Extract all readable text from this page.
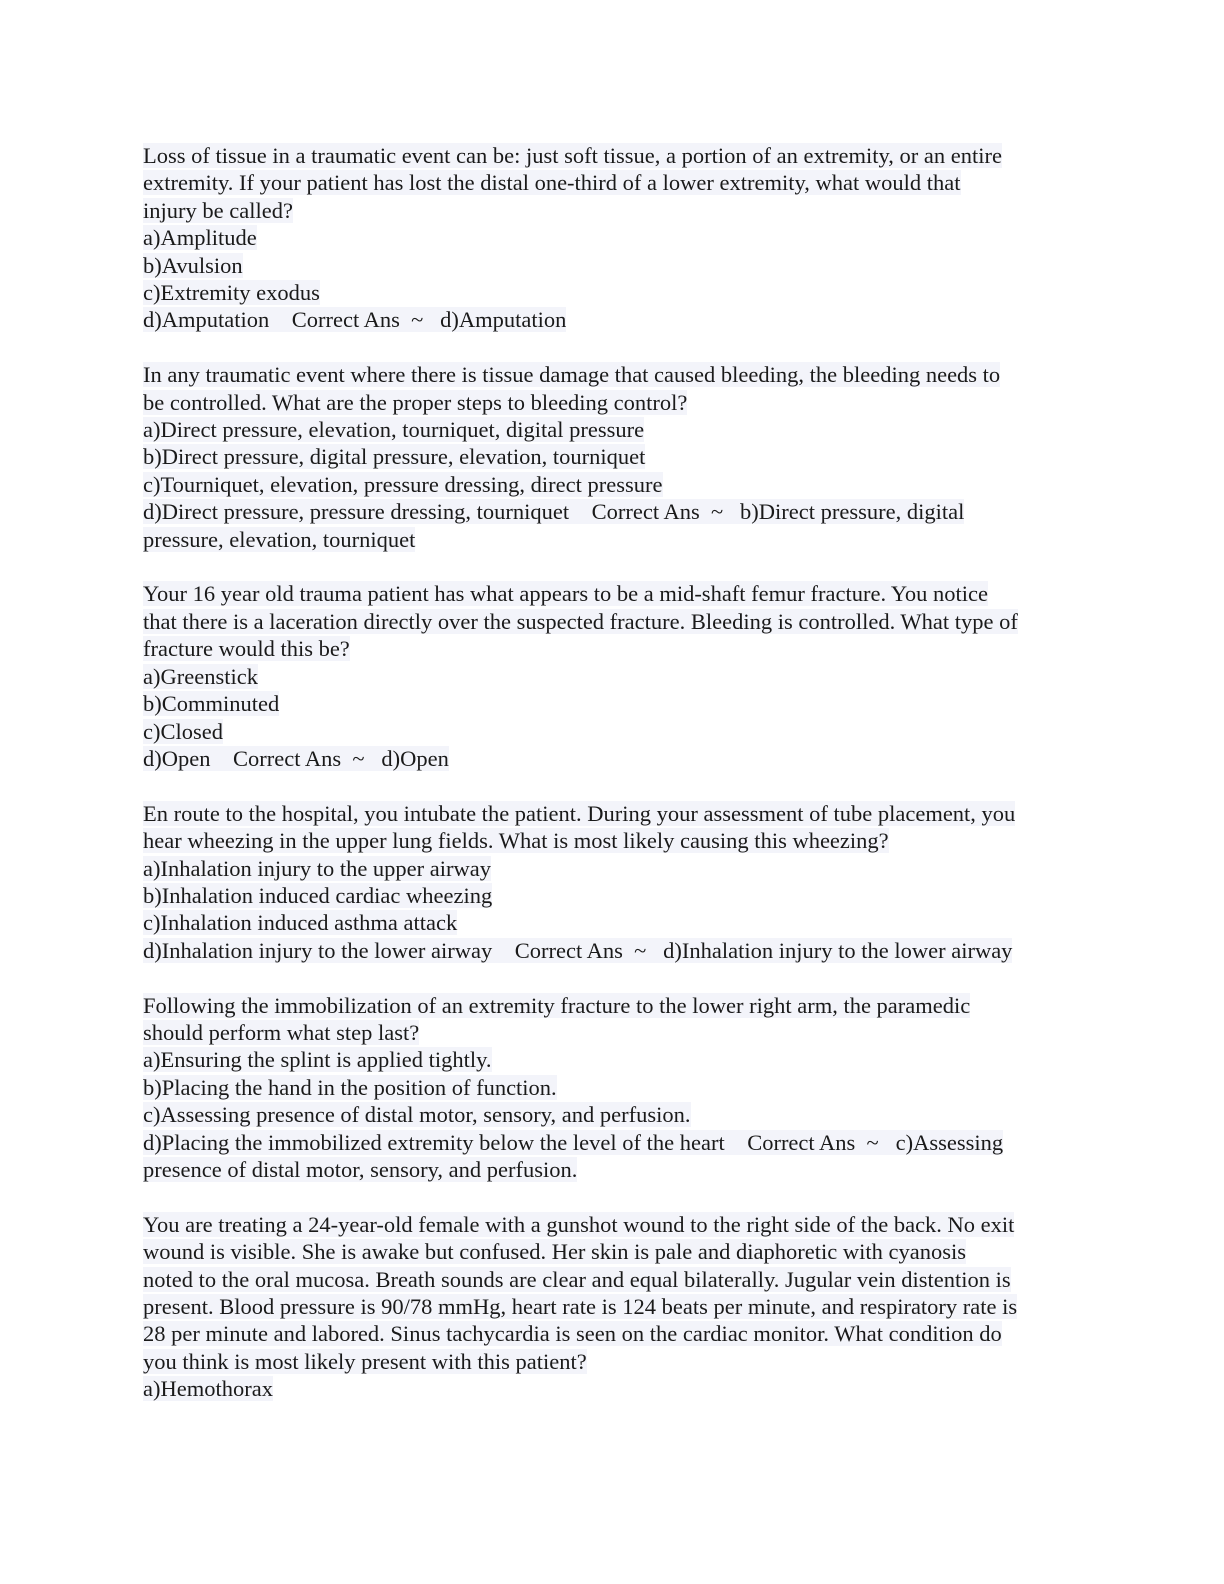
Loss of tissue in a traumatic event can be: just soft tissue, a portion of an extremity, or an entire
extremity. If your patient has lost the distal one-third of a lower extremity, what would that
injury be called?
a)Amplitude
b)Avulsion
c)Extremity exodus
d)Amputation    Correct Ans  ~   d)Amputation
In any traumatic event where there is tissue damage that caused bleeding, the bleeding needs to
be controlled. What are the proper steps to bleeding control?
a)Direct pressure, elevation, tourniquet, digital pressure
b)Direct pressure, digital pressure, elevation, tourniquet
c)Tourniquet, elevation, pressure dressing, direct pressure
d)Direct pressure, pressure dressing, tourniquet    Correct Ans  ~   b)Direct pressure, digital
pressure, elevation, tourniquet
Your 16 year old trauma patient has what appears to be a mid-shaft femur fracture. You notice
that there is a laceration directly over the suspected fracture. Bleeding is controlled. What type of
fracture would this be?
a)Greenstick
b)Comminuted
c)Closed
d)Open    Correct Ans  ~   d)Open
En route to the hospital, you intubate the patient. During your assessment of tube placement, you
hear wheezing in the upper lung fields. What is most likely causing this wheezing?
a)Inhalation injury to the upper airway
b)Inhalation induced cardiac wheezing
c)Inhalation induced asthma attack
d)Inhalation injury to the lower airway    Correct Ans  ~   d)Inhalation injury to the lower airway
Following the immobilization of an extremity fracture to the lower right arm, the paramedic
should perform what step last?
a)Ensuring the splint is applied tightly.
b)Placing the hand in the position of function.
c)Assessing presence of distal motor, sensory, and perfusion.
d)Placing the immobilized extremity below the level of the heart    Correct Ans  ~   c)Assessing
presence of distal motor, sensory, and perfusion.
You are treating a 24-year-old female with a gunshot wound to the right side of the back. No exit
wound is visible. She is awake but confused. Her skin is pale and diaphoretic with cyanosis
noted to the oral mucosa. Breath sounds are clear and equal bilaterally. Jugular vein distention is
present. Blood pressure is 90/78 mmHg, heart rate is 124 beats per minute, and respiratory rate is
28 per minute and labored. Sinus tachycardia is seen on the cardiac monitor. What condition do
you think is most likely present with this patient?
a)Hemothorax
